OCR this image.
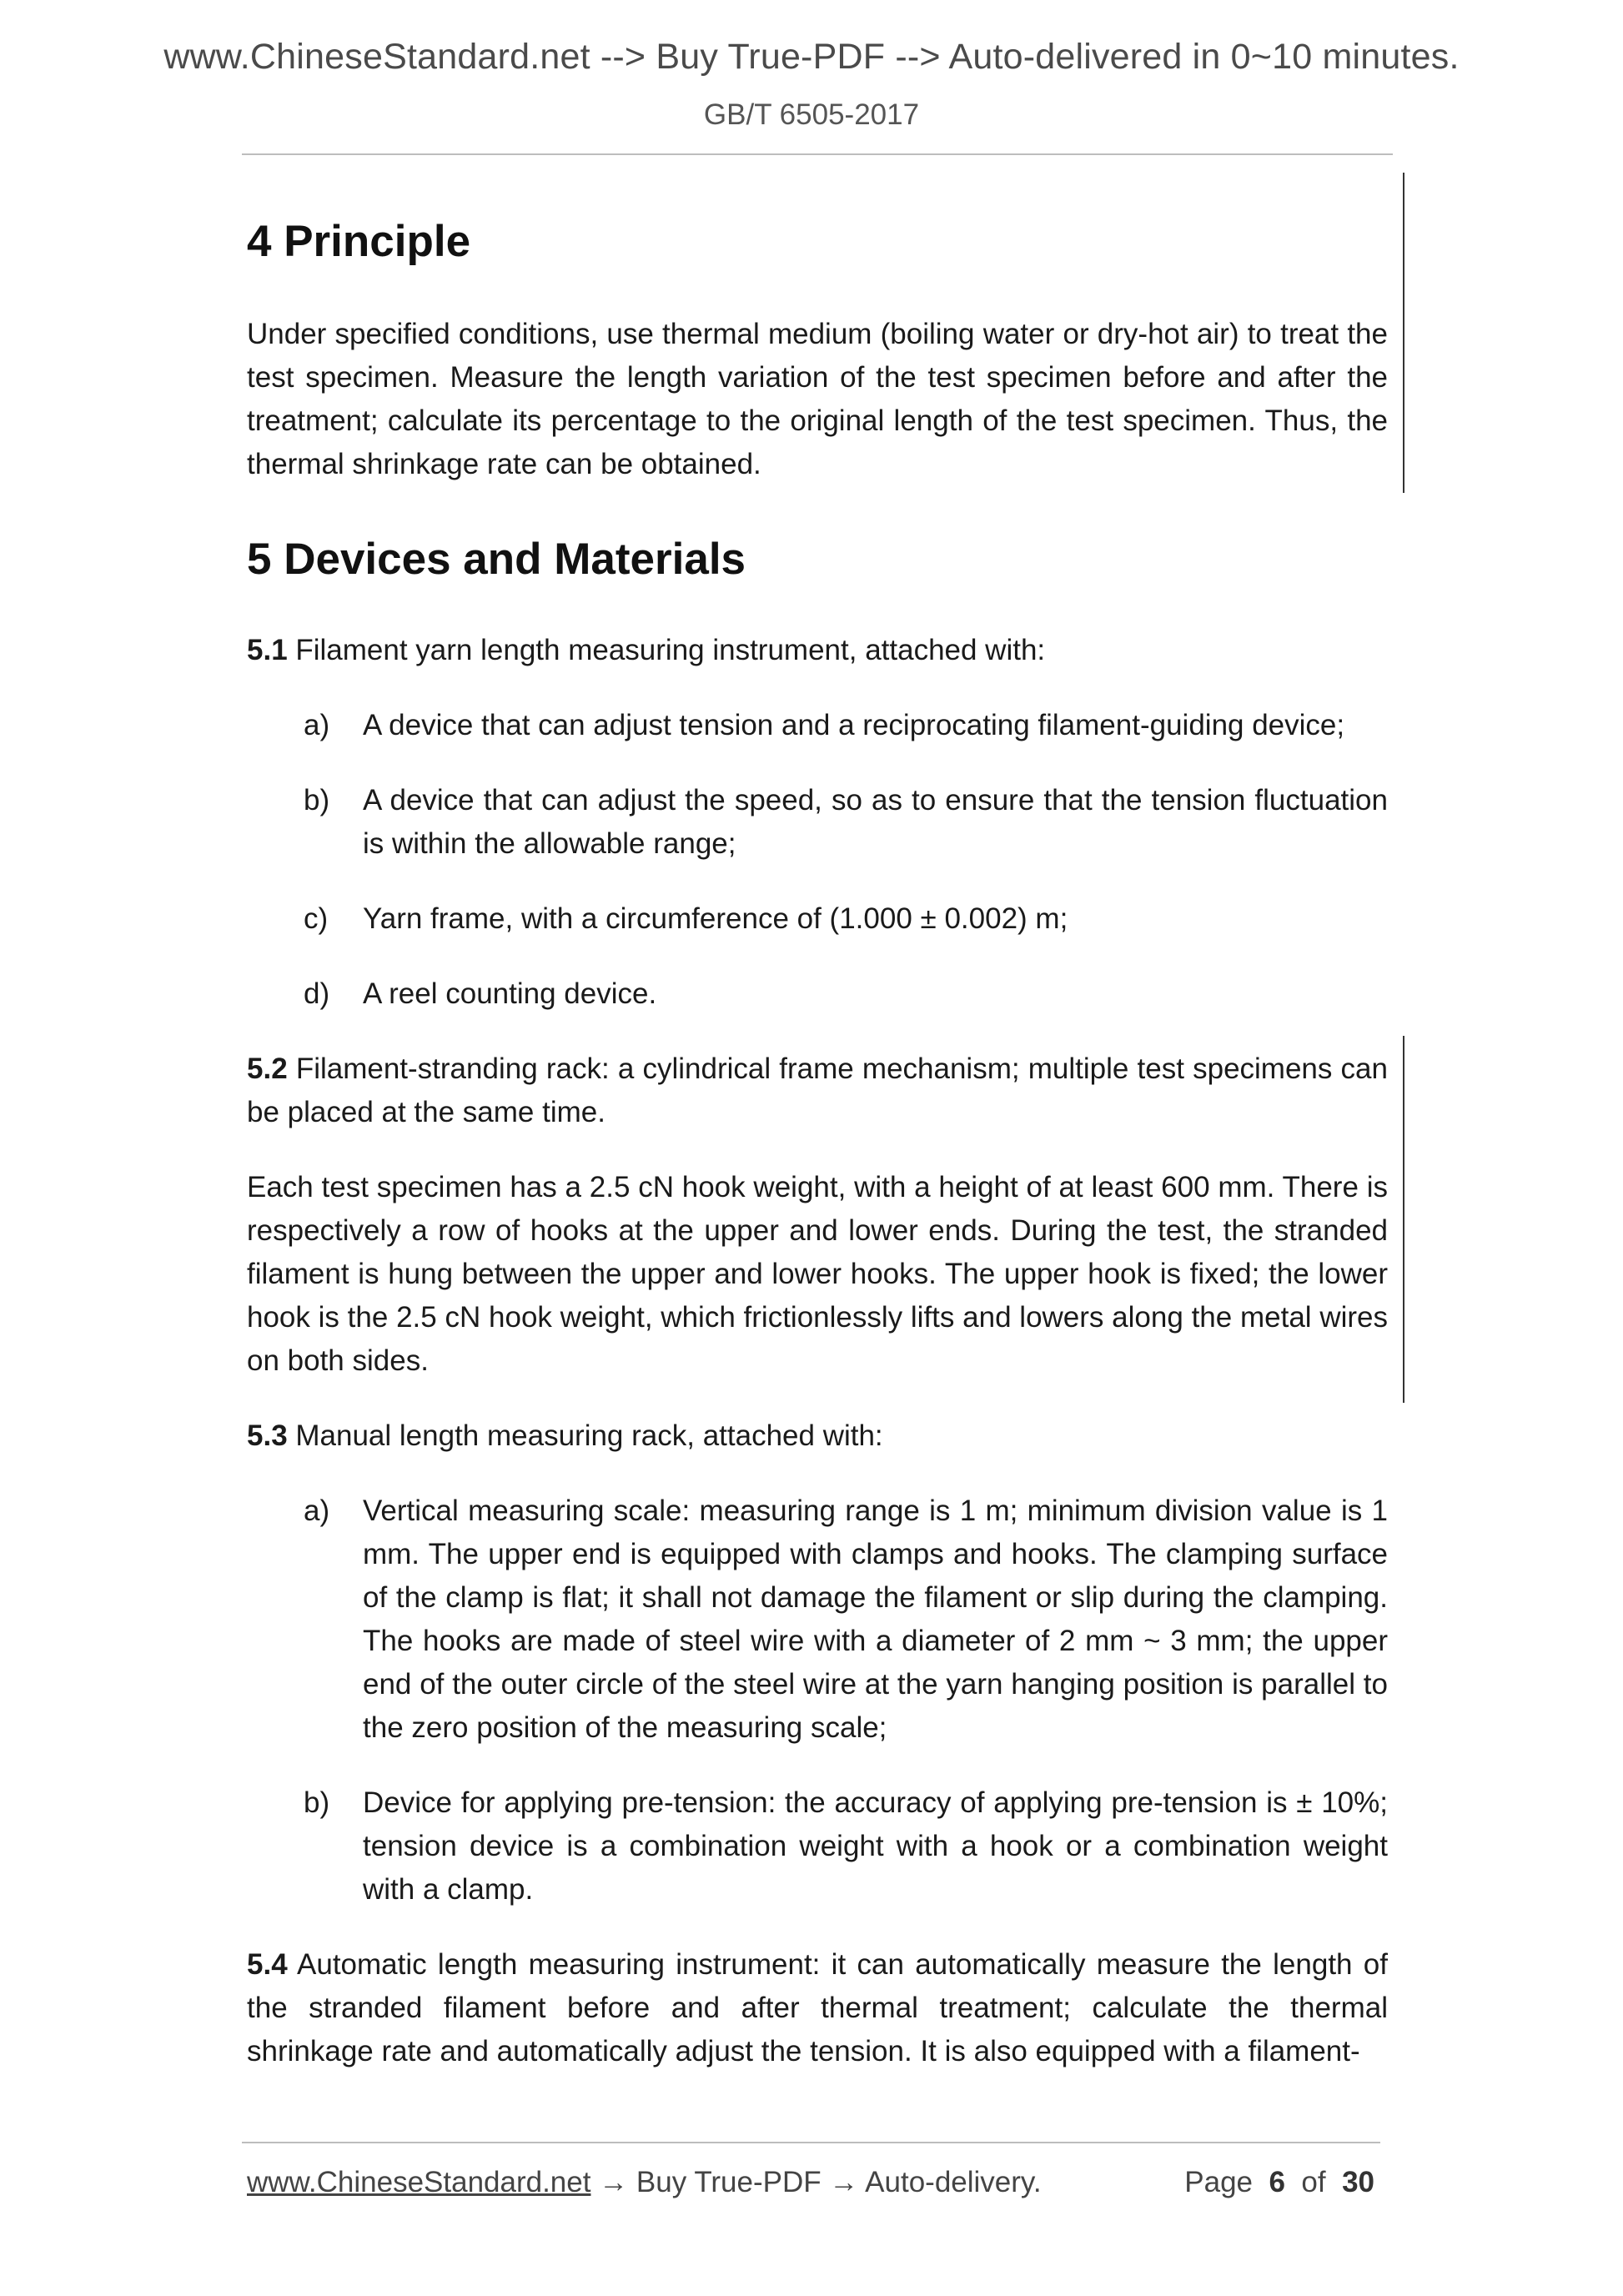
www.ChineseStandard.net --> Buy True-PDF --> Auto-delivered in 0~10 minutes.
GB/T 6505-2017
4 Principle

Under specified conditions, use thermal medium (boiling water or dry-hot air) to treat the test specimen. Measure the length variation of the test specimen before and after the treatment; calculate its percentage to the original length of the test specimen. Thus, the thermal shrinkage rate can be obtained.

5 Devices and Materials

5.1 Filament yarn length measuring instrument, attached with:

a) A device that can adjust tension and a reciprocating filament-guiding device;
b) A device that can adjust the speed, so as to ensure that the tension fluctuation is within the allowable range;
c) Yarn frame, with a circumference of (1.000 ± 0.002) m;
d) A reel counting device.

5.2 Filament-stranding rack: a cylindrical frame mechanism; multiple test specimens can be placed at the same time.

Each test specimen has a 2.5 cN hook weight, with a height of at least 600 mm. There is respectively a row of hooks at the upper and lower ends. During the test, the stranded filament is hung between the upper and lower hooks. The upper hook is fixed; the lower hook is the 2.5 cN hook weight, which frictionlessly lifts and lowers along the metal wires on both sides.

5.3 Manual length measuring rack, attached with:

a) Vertical measuring scale: measuring range is 1 m; minimum division value is 1 mm. The upper end is equipped with clamps and hooks. The clamping surface of the clamp is flat; it shall not damage the filament or slip during the clamping. The hooks are made of steel wire with a diameter of 2 mm ~ 3 mm; the upper end of the outer circle of the steel wire at the yarn hanging position is parallel to the zero position of the measuring scale;
b) Device for applying pre-tension: the accuracy of applying pre-tension is ± 10%; tension device is a combination weight with a hook or a combination weight with a clamp.

5.4 Automatic length measuring instrument: it can automatically measure the length of the stranded filament before and after thermal treatment; calculate the thermal shrinkage rate and automatically adjust the tension. It is also equipped with a filament-

www.ChineseStandard.net → Buy True-PDF → Auto-delivery.	Page 6 of 30
